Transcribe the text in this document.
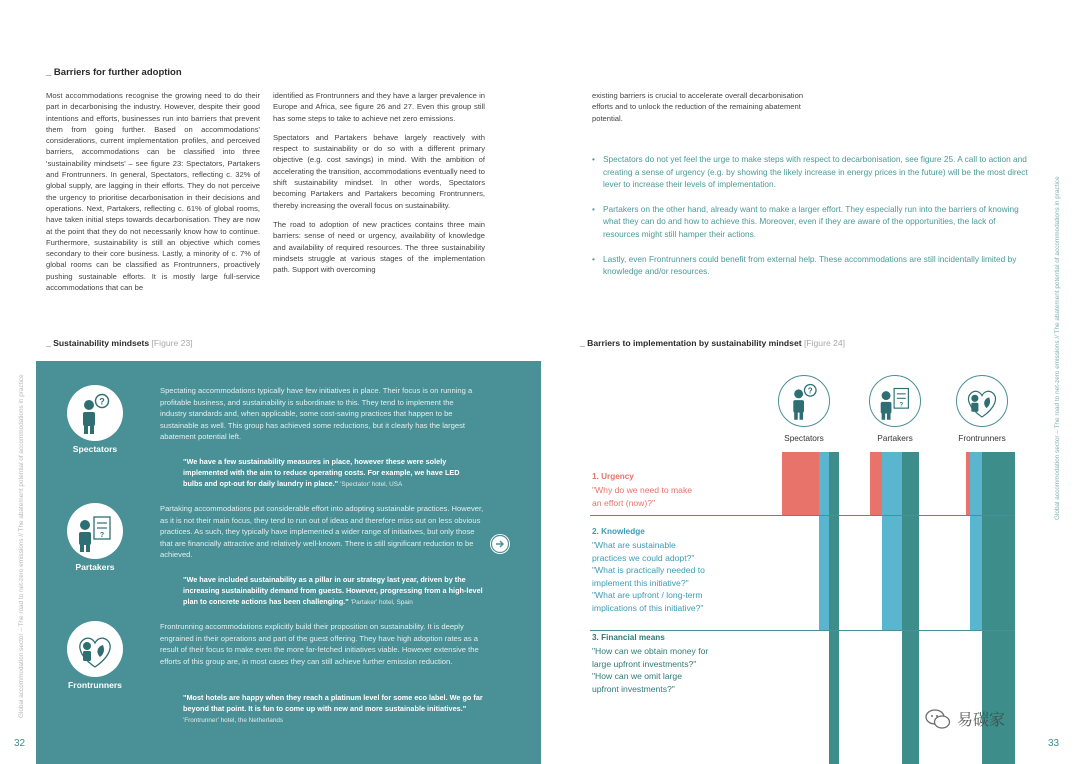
_ Barriers for further adoption

Most accommodations recognise the growing need to do their part in decarbonising the industry. However, despite their good intentions and efforts, businesses run into barriers that prevent them from going further. Based on accommodations' considerations, current implementation profiles, and perceived barriers, accommodations can be classified into three 'sustainability mindsets' – see figure 23: Spectators, Partakers and Frontrunners. In general, Spectators, reflecting c. 32% of global supply, are lagging in their efforts. They do not perceive the urgency to prioritise decarbonisation in their decisions and operations. Next, Partakers, reflecting c. 61% of global rooms, have taken initial steps towards decarbonisation. They are now at the point that they do not necessarily know how to continue. Furthermore, sustainability is still an objective which comes secondary to their core business. Lastly, a minority of c. 7% of global rooms can be classified as Frontrunners, proactively pushing sustainable efforts. It is mostly large full-service accommodations that can be

identified as Frontrunners and they have a larger prevalence in Europe and Africa, see figure 26 and 27. Even this group still has some steps to take to achieve net zero emissions.

Spectators and Partakers behave largely reactively with respect to sustainability or do so with a different primary objective (e.g. cost savings) in mind. With the ambition of accelerating the transition, accommodations eventually need to shift sustainability mindset. In other words, Spectators becoming Partakers and Partakers becoming Frontrunners, thereby increasing the overall focus on sustainability.

The road to adoption of new practices contains three main barriers: sense of need or urgency, availability of knowledge and availability of required resources. The three sustainability mindsets struggle at various stages of the implementation path. Support with overcoming

_ Sustainability mindsets [Figure 23]
Global accommodation sector – The road to net-zero emissions // The abatement potential of accommodations in practice
32
?
Spectators
Spectating accommodations typically have few initiatives in place. Their focus is on running a profitable business, and sustainability is subordinate to this. They tend to implement the industry standards and, when applicable, some cost-saving practices that happen to be sustainable as well. This group has achieved some reductions, but it clearly has the largest abatement potential left.
"We have a few sustainability measures in place, however these were solely implemented with the aim to reduce operating costs. For example, we have LED bulbs and opt-out for daily laundry in place." 'Spectator' hotel, USA
?
Partakers
Partaking accommodations put considerable effort into adopting sustainable practices. However, as it is not their main focus, they tend to run out of ideas and therefore miss out on less obvious practices. As such, they typically have implemented a wider range of initiatives, but only those that are financially attractive and relatively well-known. There is still significant reduction to be achieved.
"We have included sustainability as a pillar in our strategy last year, driven by the increasing sustainability demand from guests. However, progressing from a high-level plan to concrete actions has been challenging." 'Partaker' hotel, Spain
Frontrunners
Frontrunning accommodations explicitly build their proposition on sustainability. It is deeply engrained in their operations and part of the guest offering. They have high adoption rates as a result of their focus to make even the more far-fetched initiatives viable. However extensive the efforts of this group are, in most cases they can still achieve further emission reduction.
"Most hotels are happy when they reach a platinum level for some eco label. We go far beyond that point. It is fun to come up with new and more sustainable initiatives." 'Frontrunner' hotel, the Netherlands
existing barriers is crucial to accelerate overall decarbonisation efforts and to unlock the reduction of the remaining abatement potential.
• Spectators do not yet feel the urge to make steps with respect to decarbonisation, see figure 25. A call to action and creating a sense of urgency (e.g. by showing the likely increase in energy prices in the future) will be the most direct lever to increase their levels of implementation.
• Partakers on the other hand, already want to make a larger effort. They especially run into the barriers of knowing what they can do and how to achieve this. Moreover, even if they are aware of the opportunities, the lack of resources might still hamper their actions.
• Lastly, even Frontrunners could benefit from external help. These accommodations are still incidentally limited by knowledge and/or resources.
_ Barriers to implementation by sustainability mindset [Figure 24]	Global accommodation sector – The road to net-zero emissions // The abatement potential of accommodations in practice
33
?
?
Spectators	Partakers	Frontrunners
1. Urgency
"Why do we need to make
an effort (now)?"
2. Knowledge
"What are sustainable
practices we could adopt?"
"What is practically needed to
implement this initiative?"
"What are upfront / long-term
implications of this initiative?"
3. Financial means
"How can we obtain money for
large upfront investments?"
"How can we omit large
upfront investments?"
易碳家
